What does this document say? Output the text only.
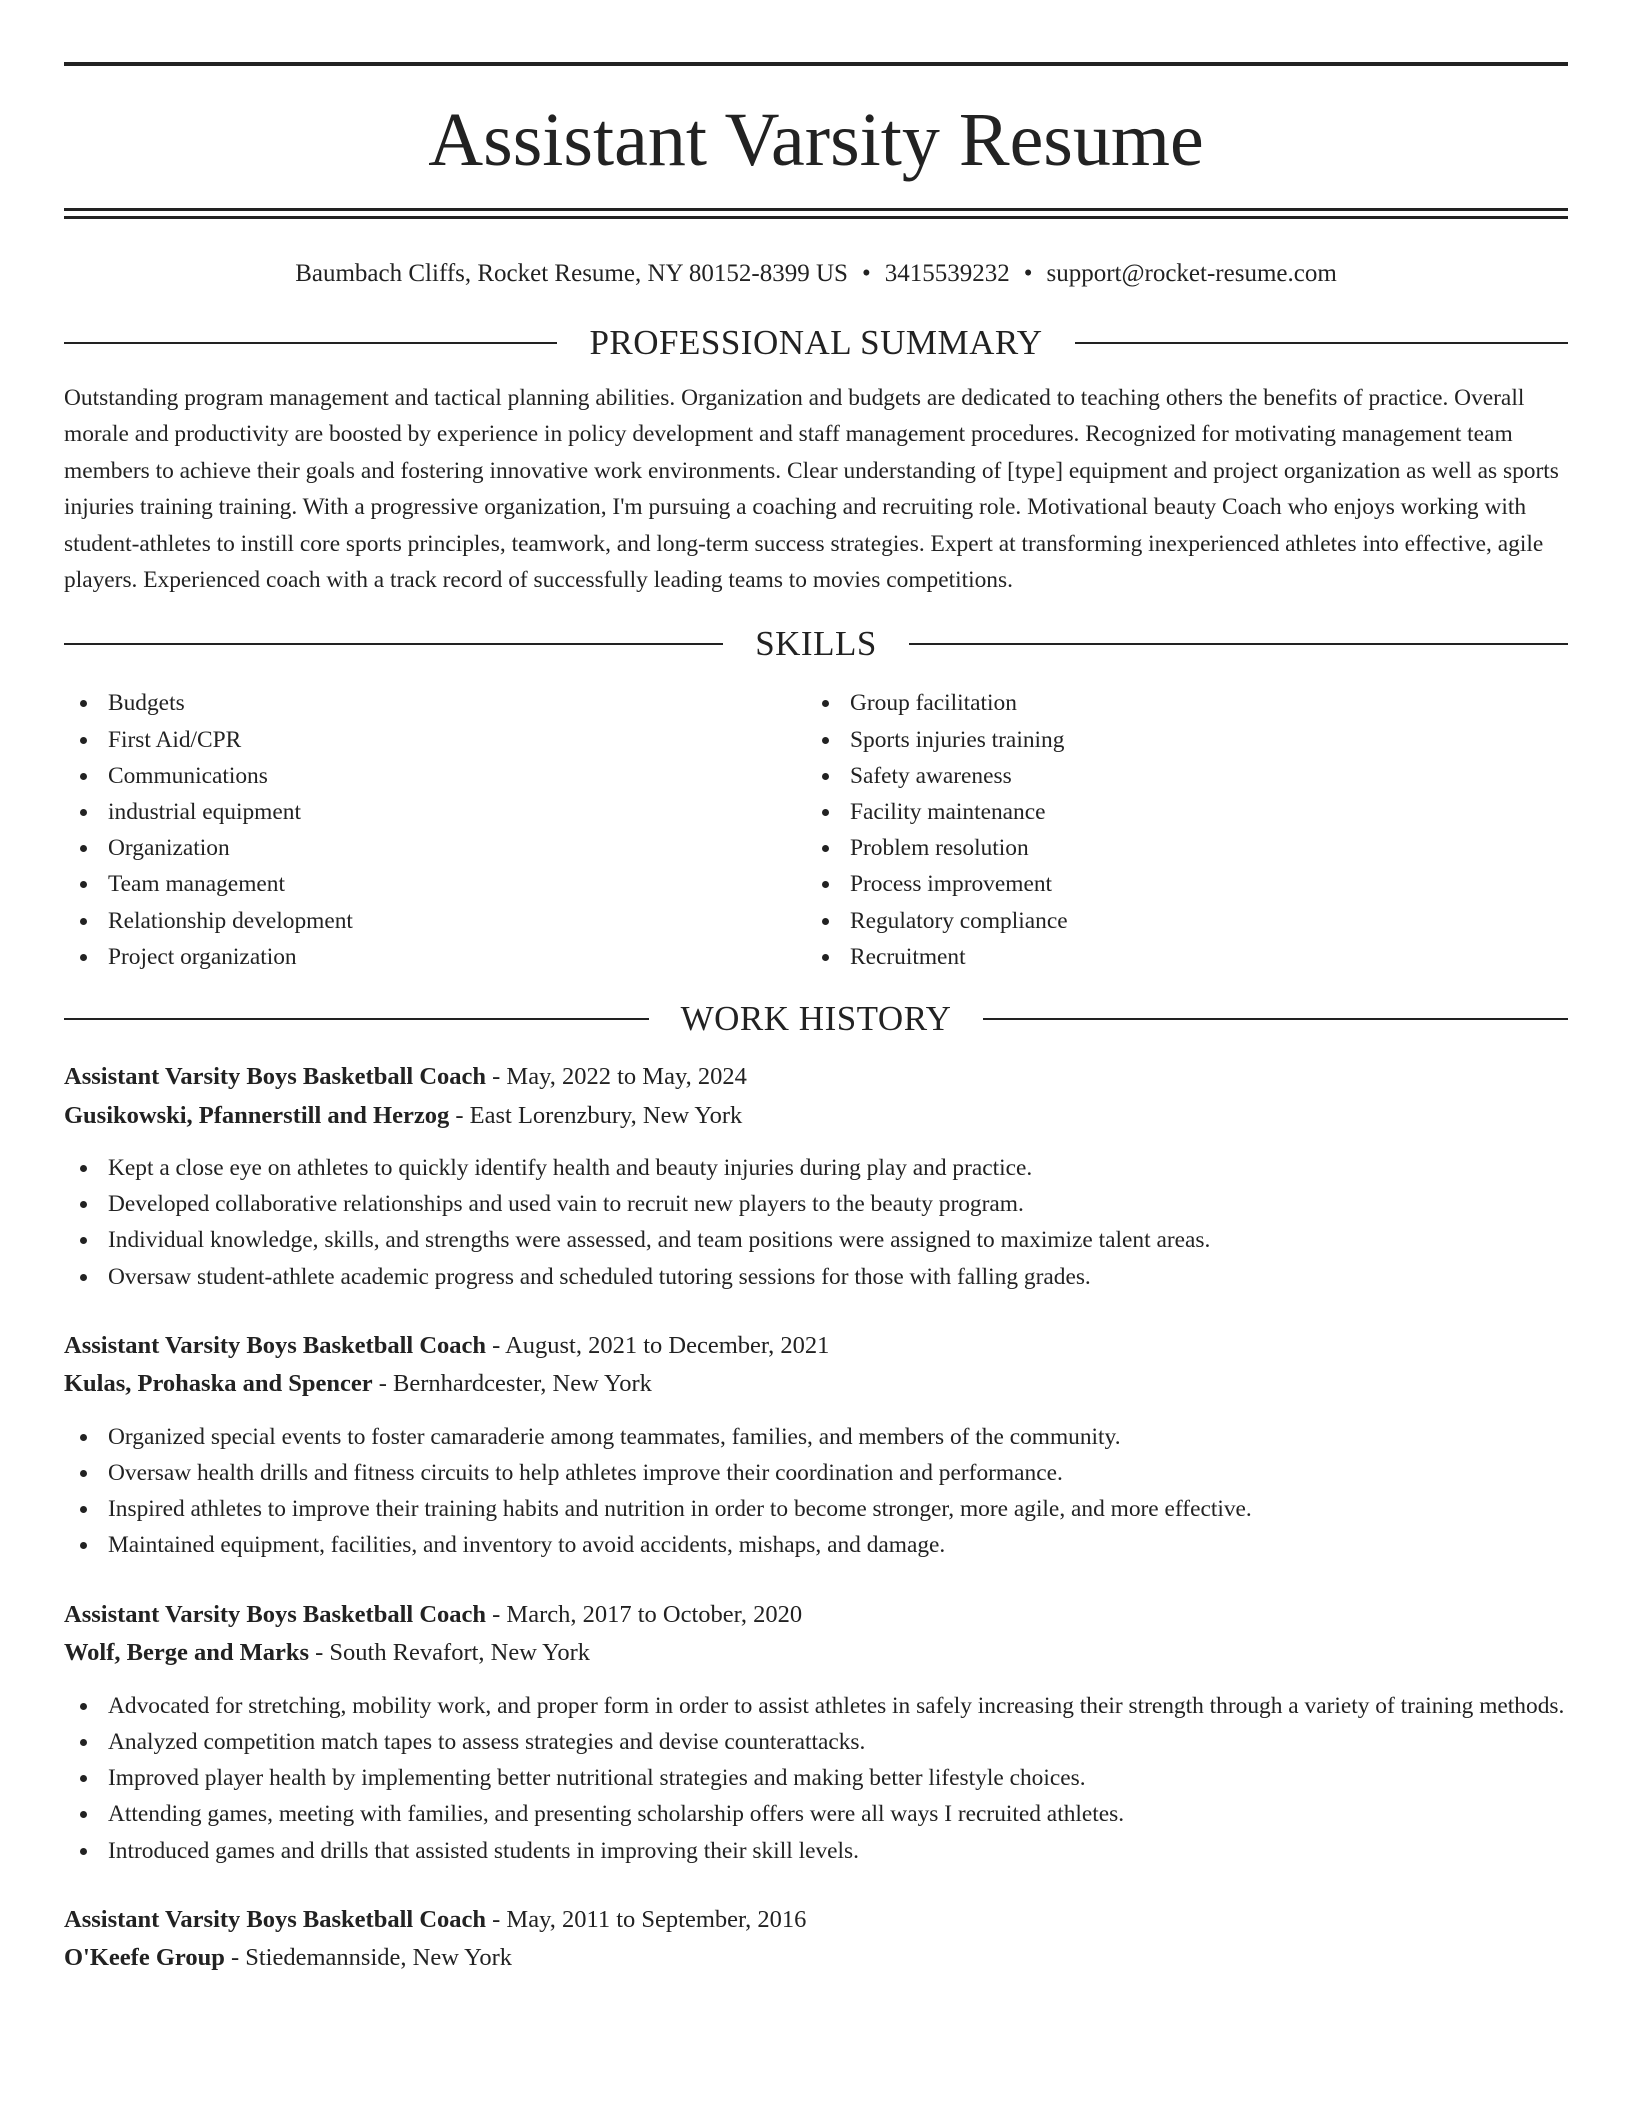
Assistant Varsity Resume
Baumbach Cliffs, Rocket Resume, NY 80152-8399 US • 3415539232 • support@rocket-resume.com
PROFESSIONAL SUMMARY

Outstanding program management and tactical planning abilities. Organization and budgets are dedicated to teaching others the benefits of practice. Overall morale and productivity are boosted by experience in policy development and staff management procedures. Recognized for motivating management team members to achieve their goals and fostering innovative work environments. Clear understanding of [type] equipment and project organization as well as sports injuries training training. With a progressive organization, I'm pursuing a coaching and recruiting role. Motivational beauty Coach who enjoys working with student-athletes to instill core sports principles, teamwork, and long-term success strategies. Expert at transforming inexperienced athletes into effective, agile players. Experienced coach with a track record of successfully leading teams to movies competitions.

SKILLS
Budgets
First Aid/CPR
Communications
industrial equipment
Organization
Team management
Relationship development
Project organization
Group facilitation
Sports injuries training
Safety awareness
Facility maintenance
Problem resolution
Process improvement
Regulatory compliance
Recruitment
WORK HISTORY
Assistant Varsity Boys Basketball Coach - May, 2022 to May, 2024
Gusikowski, Pfannerstill and Herzog - East Lorenzbury, New York
Kept a close eye on athletes to quickly identify health and beauty injuries during play and practice.
Developed collaborative relationships and used vain to recruit new players to the beauty program.
Individual knowledge, skills, and strengths were assessed, and team positions were assigned to maximize talent areas.
Oversaw student-athlete academic progress and scheduled tutoring sessions for those with falling grades.
Assistant Varsity Boys Basketball Coach - August, 2021 to December, 2021
Kulas, Prohaska and Spencer - Bernhardcester, New York
Organized special events to foster camaraderie among teammates, families, and members of the community.
Oversaw health drills and fitness circuits to help athletes improve their coordination and performance.
Inspired athletes to improve their training habits and nutrition in order to become stronger, more agile, and more effective.
Maintained equipment, facilities, and inventory to avoid accidents, mishaps, and damage.
Assistant Varsity Boys Basketball Coach - March, 2017 to October, 2020
Wolf, Berge and Marks - South Revafort, New York
Advocated for stretching, mobility work, and proper form in order to assist athletes in safely increasing their strength through a variety of training methods.
Analyzed competition match tapes to assess strategies and devise counterattacks.
Improved player health by implementing better nutritional strategies and making better lifestyle choices.
Attending games, meeting with families, and presenting scholarship offers were all ways I recruited athletes.
Introduced games and drills that assisted students in improving their skill levels.
Assistant Varsity Boys Basketball Coach - May, 2011 to September, 2016
O'Keefe Group - Stiedemannside, New York
